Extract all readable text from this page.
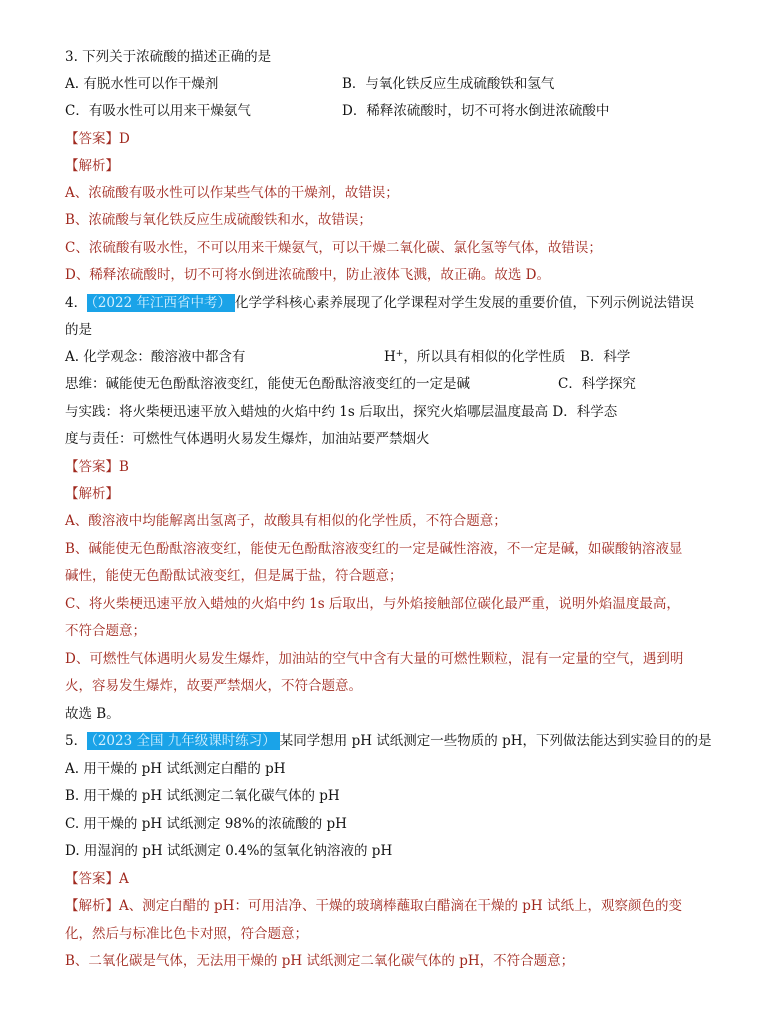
3. 下列关于浓硫酸的描述正确的是
A. 有脱水性可以作干燥剂	B．与氧化铁反应生成硫酸铁和氢气
C．有吸水性可以用来干燥氨气	D．稀释浓硫酸时，切不可将水倒进浓硫酸中
【答案】D
【解析】
A、浓硫酸有吸水性可以作某些气体的干燥剂，故错误；
B、浓硫酸与氧化铁反应生成硫酸铁和水，故错误；
C、浓硫酸有吸水性，不可以用来干燥氨气，可以干燥二氧化碳、氯化氢等气体，故错误；
D、稀释浓硫酸时，切不可将水倒进浓硫酸中，防止液体飞溅，故正确。故选 D。
4． （2022 年江西省中考） 化学学科核心素养展现了化学课程对学生发展的重要价值，下列示例说法错误
的是
A. 化学观念：酸溶液中都含有	H+，所以具有相似的化学性质 B．科学
思维：碱能使无色酚酞溶液变红，能使无色酚酞溶液变红的一定是碱	C．科学探究
与实践：将火柴梗迅速平放入蜡烛的火焰中约 1s 后取出，探究火焰哪层温度最高 D．科学态
度与责任：可燃性气体遇明火易发生爆炸，加油站要严禁烟火
【答案】B
【解析】
A、酸溶液中均能解离出氢离子，故酸具有相似的化学性质，不符合题意；
B、碱能使无色酚酞溶液变红，能使无色酚酞溶液变红的一定是碱性溶液，不一定是碱，如碳酸钠溶液显
碱性，能使无色酚酞试液变红，但是属于盐，符合题意；
C、将火柴梗迅速平放入蜡烛的火焰中约 1s 后取出，与外焰接触部位碳化最严重，说明外焰温度最高，
不符合题意；
D、可燃性气体遇明火易发生爆炸，加油站的空气中含有大量的可燃性颗粒，混有一定量的空气，遇到明
火，容易发生爆炸，故要严禁烟火，不符合题意。
故选 B。
5． （2023 全国 九年级课时练习） 某同学想用 pH 试纸测定一些物质的 pH，下列做法能达到实验目的的是
A. 用干燥的 pH 试纸测定白醋的 pH
B. 用干燥的 pH 试纸测定二氧化碳气体的 pH
C. 用干燥的 pH 试纸测定 98%的浓硫酸的 pH
D. 用湿润的 pH 试纸测定 0.4%的氢氧化钠溶液的 pH
【答案】A
【解析】A、测定白醋的 pH：可用洁净、干燥的玻璃棒蘸取白醋滴在干燥的 pH 试纸上，观察颜色的变
化，然后与标准比色卡对照，符合题意；
B、二氧化碳是气体，无法用干燥的 pH 试纸测定二氧化碳气体的 pH，不符合题意；
